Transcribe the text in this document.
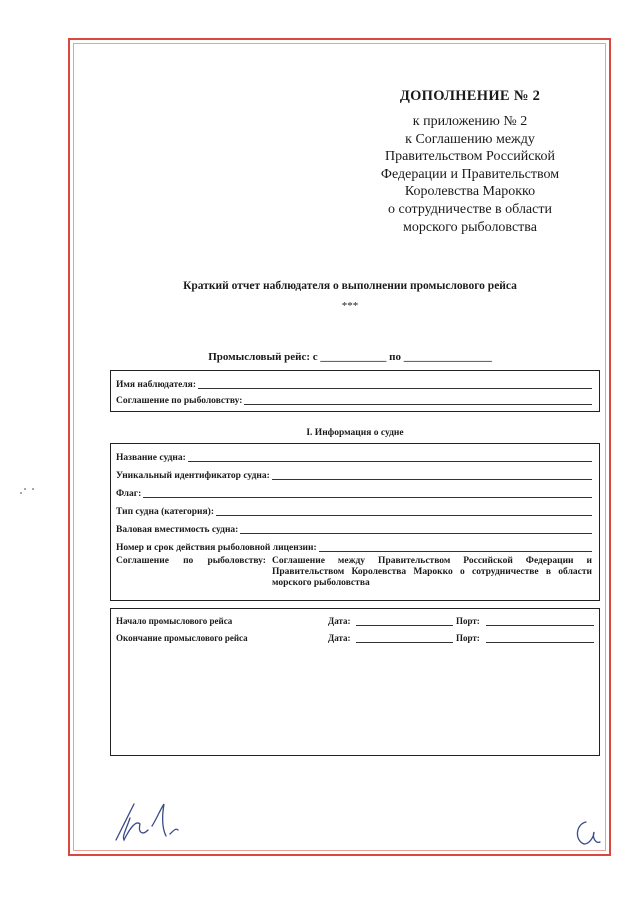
ДОПОЛНЕНИЕ № 2
к приложению № 2
к Соглашению между
Правительством Российской
Федерации и Правительством
Королевства Марокко
о сотрудничестве в области
морского рыболовства
Краткий отчет наблюдателя о выполнении промыслового рейса
***
Промысловый рейс: с ____________ по ________________
Имя наблюдателя:
Соглашение по рыболовству:
I. Информация о судне
Название судна:
Уникальный идентификатор судна:
Флаг:
Тип судна (категория):
Валовая вместимость судна:
Номер и срок действия рыболовной лицензии:
Соглашение по рыболовству: Соглашение между Правительством Российской Федерации и Правительством Королевства Марокко о сотрудничестве в области морского рыболовства
Начало промыслового рейса	Дата:	Порт:
Окончание промыслового рейса	Дата:	Порт:
